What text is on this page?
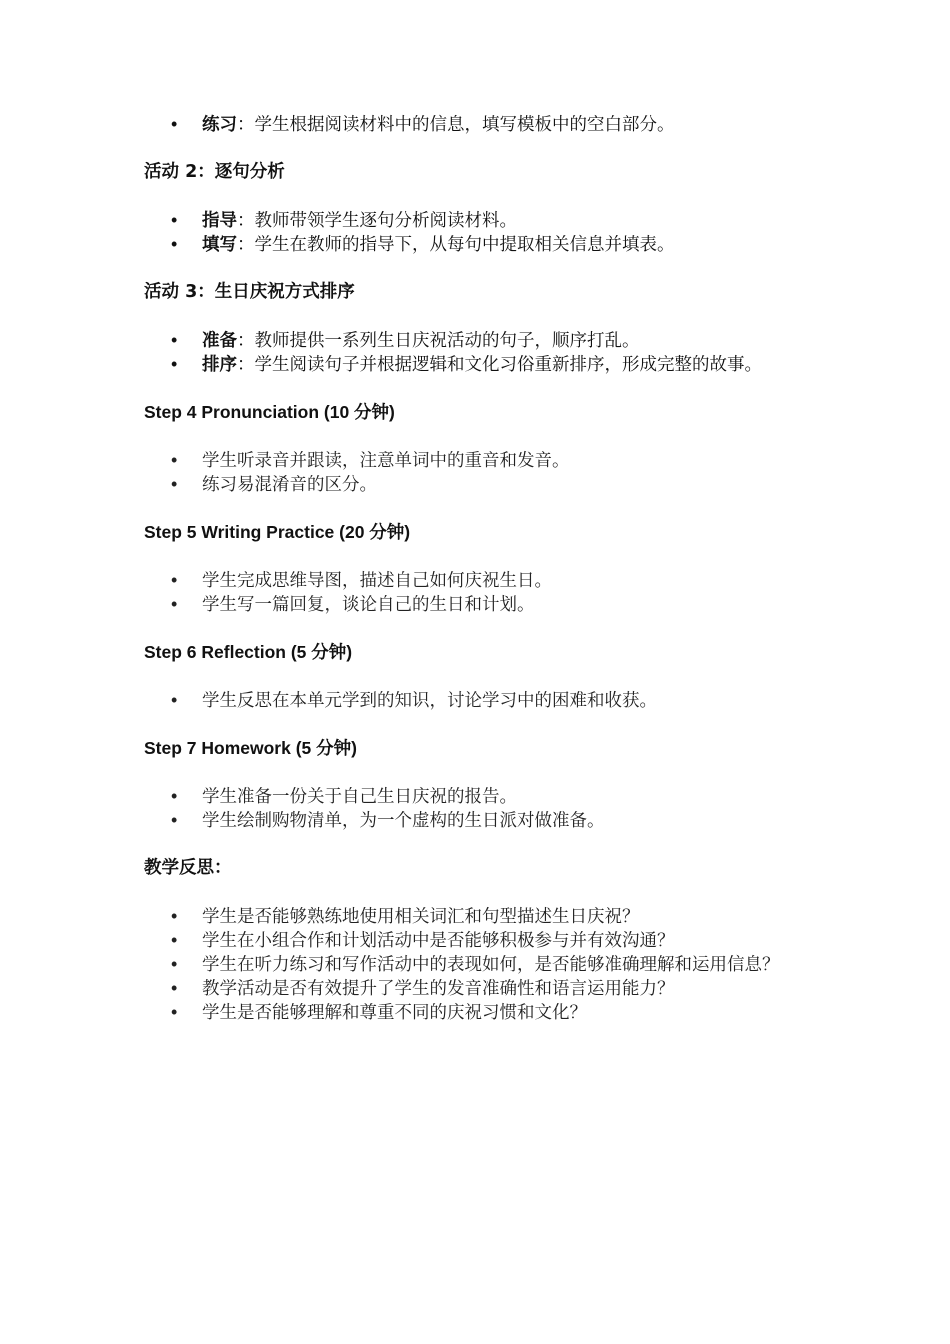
• 练习：学生根据阅读材料中的信息，填写模板中的空白部分。
活动 2：逐句分析
• 指导：教师带领学生逐句分析阅读材料。
• 填写：学生在教师的指导下，从每句中提取相关信息并填表。
活动 3：生日庆祝方式排序
• 准备：教师提供一系列生日庆祝活动的句子，顺序打乱。
• 排序：学生阅读句子并根据逻辑和文化习俗重新排序，形成完整的故事。
Step 4 Pronunciation (10 分钟)
• 学生听录音并跟读，注意单词中的重音和发音。
• 练习易混淆音的区分。
Step 5 Writing Practice (20 分钟)
• 学生完成思维导图，描述自己如何庆祝生日。
• 学生写一篇回复，谈论自己的生日和计划。
Step 6 Reflection (5 分钟)
• 学生反思在本单元学到的知识，讨论学习中的困难和收获。
Step 7 Homework (5 分钟)
• 学生准备一份关于自己生日庆祝的报告。
• 学生绘制购物清单，为一个虚构的生日派对做准备。
教学反思：
• 学生是否能够熟练地使用相关词汇和句型描述生日庆祝？
• 学生在小组合作和计划活动中是否能够积极参与并有效沟通？
• 学生在听力练习和写作活动中的表现如何，是否能够准确理解和运用信息？
• 教学活动是否有效提升了学生的发音准确性和语言运用能力？
• 学生是否能够理解和尊重不同的庆祝习惯和文化？
